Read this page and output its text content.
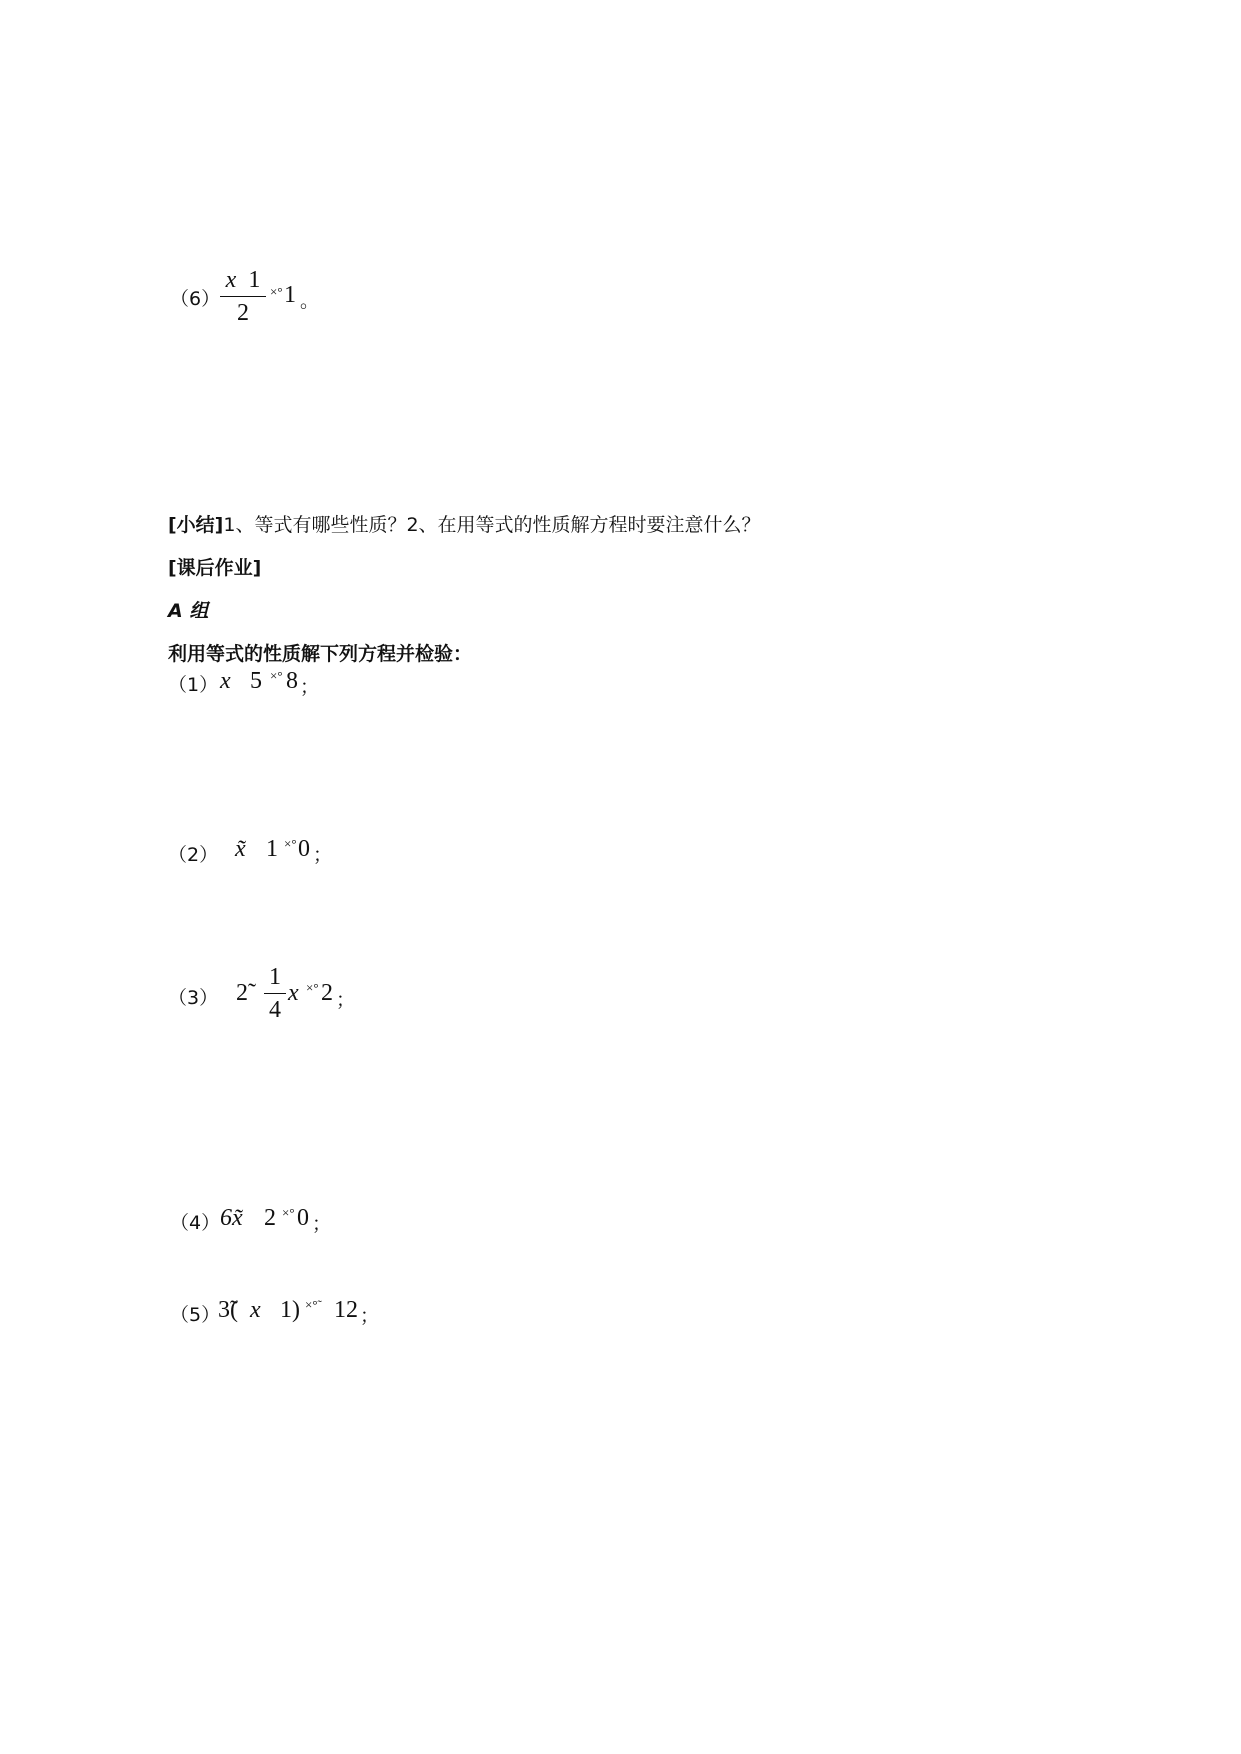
（6）
x 1
2
×° 1 。
[小结]1、等式有哪些性质？2、在用等式的性质解方程时要注意什么？
[课后作业]
A 组
利用等式的性质解下列方程并检验：
（1） x 5 ×° 8 ；
（2） x̃ 1 ×° 0 ；
（3） 2̃
1
4
x ×° 2 ；
（4） 6x̃ 2 ×° 0 ；
（5）
3̃( x 1) ×°̃ 12 ；
